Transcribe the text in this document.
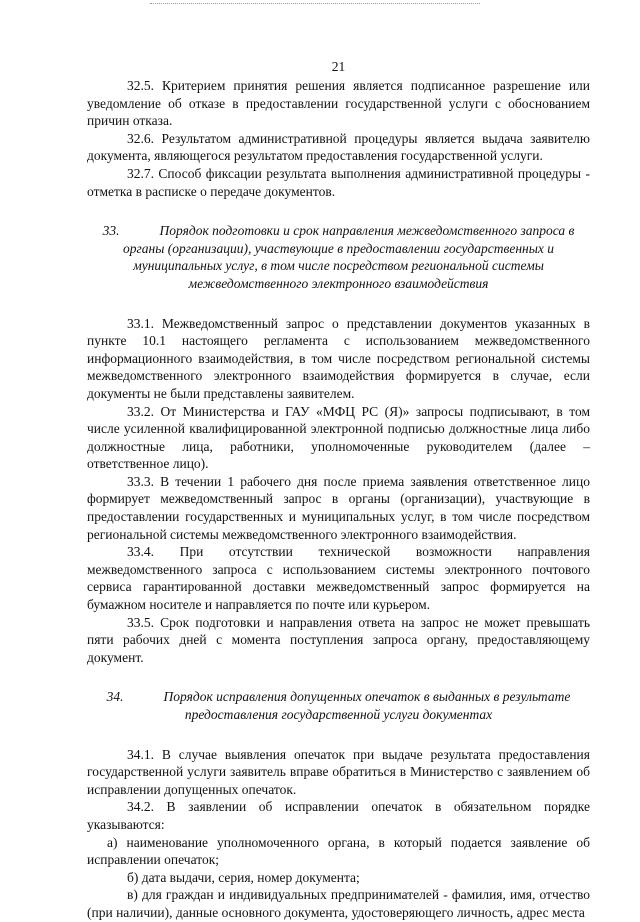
21

32.5. Критерием принятия решения является подписанное разрешение или уведомление об отказе в предоставлении государственной услуги с обоснованием причин отказа.

32.6. Результатом административной процедуры является выдача заявителю документа, являющегося результатом предоставления государственной услуги.

32.7. Способ фиксации результата выполнения административной процедуры - отметка в расписке о передаче документов.

33.	Порядок подготовки и срок направления межведомственного запроса в органы (организации), участвующие в предоставлении государственных и муниципальных услуг, в том числе посредством региональной системы межведомственного электронного взаимодействия

33.1. Межведомственный запрос о представлении документов указанных в пункте 10.1 настоящего регламента с использованием межведомственного информационного взаимодействия, в том числе посредством региональной системы межведомственного электронного взаимодействия формируется в случае, если документы не были представлены заявителем.

33.2. От Министерства и ГАУ «МФЦ РС (Я)» запросы подписывают, в том числе усиленной квалифицированной электронной подписью должностные лица либо должностные лица, работники, уполномоченные руководителем (далее – ответственное лицо).

33.3. В течении 1 рабочего дня после приема заявления ответственное лицо формирует межведомственный запрос в органы (организации), участвующие в предоставлении государственных и муниципальных услуг, в том числе посредством региональной системы межведомственного электронного взаимодействия.

33.4. При отсутствии технической возможности направления межведомственного запроса с использованием системы электронного почтового сервиса гарантированной доставки межведомственный запрос формируется на бумажном носителе и направляется по почте или курьером.

33.5. Срок подготовки и направления ответа на запрос не может превышать пяти рабочих дней с момента поступления запроса органу, предоставляющему документ.

34.	Порядок исправления допущенных опечаток в выданных в результате предоставления государственной услуги документах

34.1. В случае выявления опечаток при выдаче результата предоставления государственной услуги заявитель вправе обратиться в Министерство с заявлением об исправлении допущенных опечаток.

34.2. В заявлении об исправлении опечаток в обязательном порядке указываются:

а) наименование уполномоченного органа, в который подается заявление об исправлении опечаток;

б) дата выдачи, серия, номер документа;

в) для граждан и индивидуальных предпринимателей - фамилия, имя, отчество (при наличии), данные основного документа, удостоверяющего личность, адрес места
